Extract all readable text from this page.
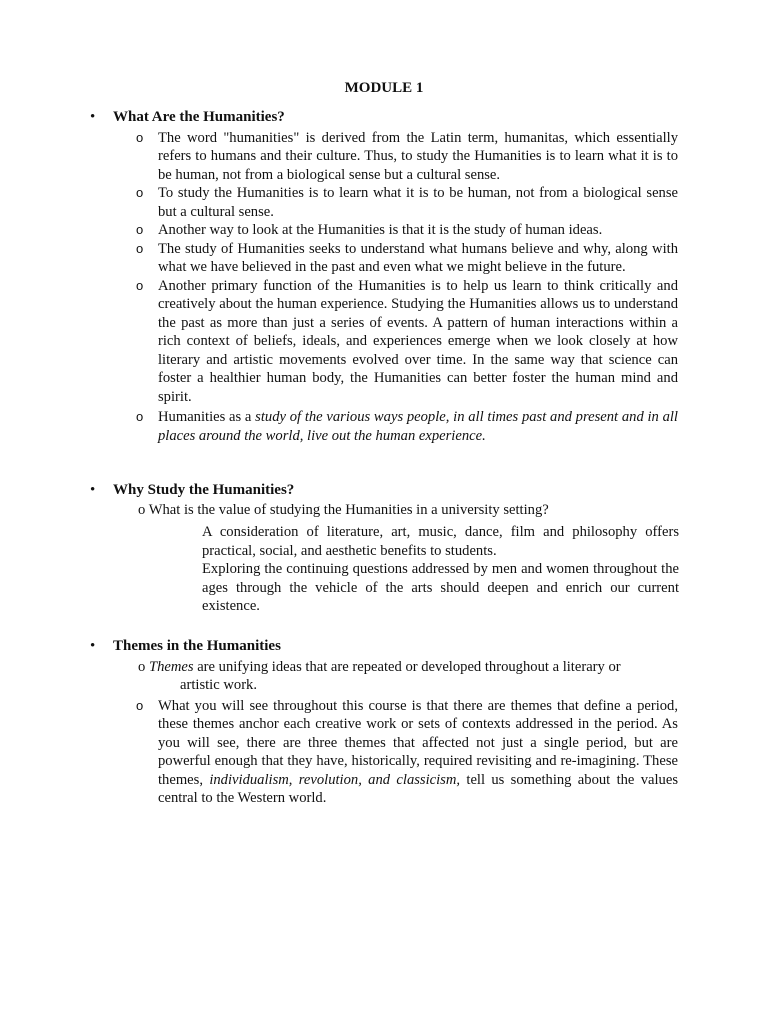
MODULE 1
• What Are the Humanities?
o The word "humanities" is derived from the Latin term, humanitas, which essentially refers to humans and their culture. Thus, to study the Humanities is to learn what it is to be human, not from a biological sense but a cultural sense.
o To study the Humanities is to learn what it is to be human, not from a biological sense but a cultural sense.
o Another way to look at the Humanities is that it is the study of human ideas.
o The study of Humanities seeks to understand what humans believe and why, along with what we have believed in the past and even what we might believe in the future.
o Another primary function of the Humanities is to help us learn to think critically and creatively about the human experience. Studying the Humanities allows us to understand the past as more than just a series of events. A pattern of human interactions within a rich context of beliefs, ideals, and experiences emerge when we look closely at how literary and artistic movements evolved over time. In the same way that science can foster a healthier human body, the Humanities can better foster the human mind and spirit.
o Humanities as a study of the various ways people, in all times past and present and in all places around the world, live out the human experience.
• Why Study the Humanities?
o What is the value of studying the Humanities in a university setting?
A consideration of literature, art, music, dance, film and philosophy offers practical, social, and aesthetic benefits to students.
Exploring the continuing questions addressed by men and women throughout the ages through the vehicle of the arts should deepen and enrich our current existence.
• Themes in the Humanities
o Themes are unifying ideas that are repeated or developed throughout a literary or
artistic work.
o What you will see throughout this course is that there are themes that define a period, these themes anchor each creative work or sets of contexts addressed in the period. As you will see, there are three themes that affected not just a single period, but are powerful enough that they have, historically, required revisiting and re-imagining. These themes, individualism, revolution, and classicism, tell us something about the values central to the Western world.
